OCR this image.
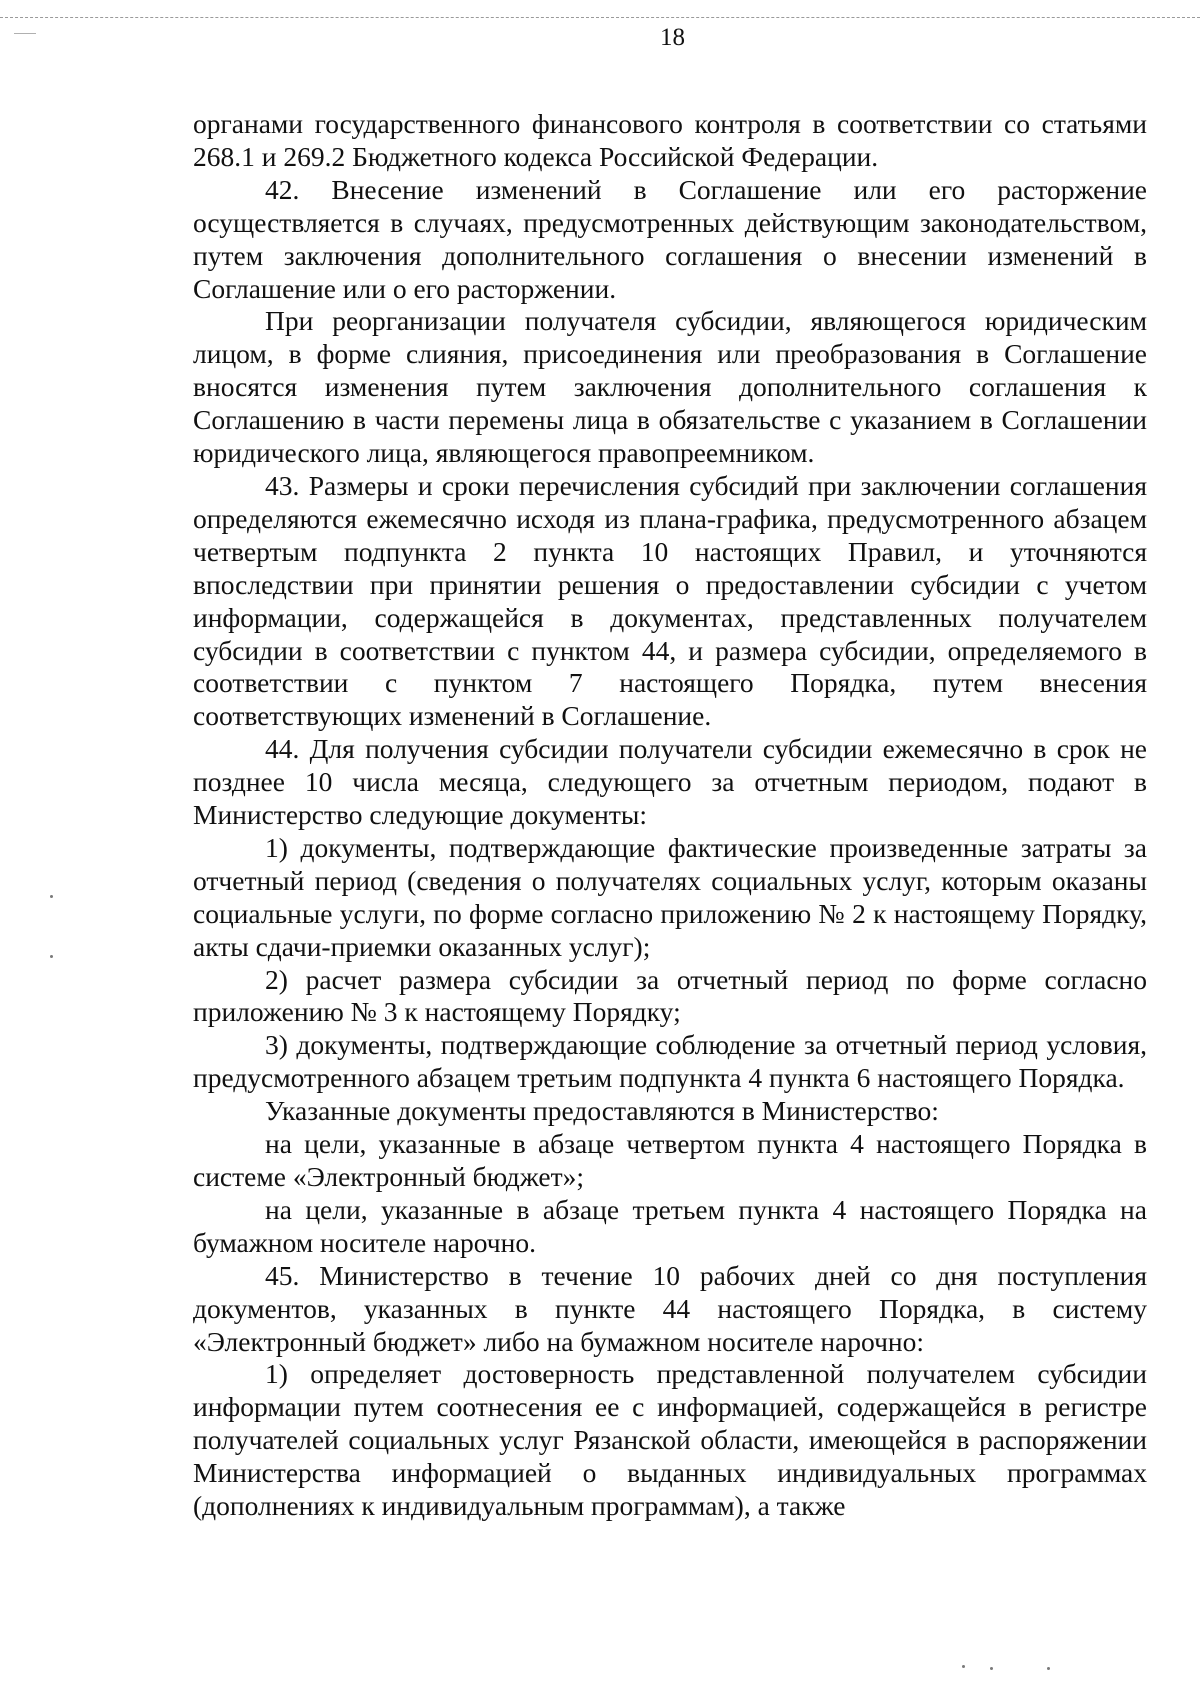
18

органами государственного финансового контроля в соответствии со статьями 268.1 и 269.2 Бюджетного кодекса Российской Федерации.

42. Внесение изменений в Соглашение или его расторжение осуществляется в случаях, предусмотренных действующим законодательством, путем заключения дополнительного соглашения о внесении изменений в Соглашение или о его расторжении.

При реорганизации получателя субсидии, являющегося юридическим лицом, в форме слияния, присоединения или преобразования в Соглашение вносятся изменения путем заключения дополнительного соглашения к Соглашению в части перемены лица в обязательстве с указанием в Соглашении юридического лица, являющегося правопреемником.

43. Размеры и сроки перечисления субсидий при заключении соглашения определяются ежемесячно исходя из плана-графика, предусмотренного абзацем четвертым подпункта 2 пункта 10 настоящих Правил, и уточняются впоследствии при принятии решения о предоставлении субсидии с учетом информации, содержащейся в документах, представленных получателем субсидии в соответствии с пунктом 44, и размера субсидии, определяемого в соответствии с пунктом 7 настоящего Порядка, путем внесения соответствующих изменений в Соглашение.

44. Для получения субсидии получатели субсидии ежемесячно в срок не позднее 10 числа месяца, следующего за отчетным периодом, подают в Министерство следующие документы:

1) документы, подтверждающие фактические произведенные затраты за отчетный период (сведения о получателях социальных услуг, которым оказаны социальные услуги, по форме согласно приложению № 2 к настоящему Порядку, акты сдачи-приемки оказанных услуг);

2) расчет размера субсидии за отчетный период по форме согласно приложению № 3 к настоящему Порядку;

3) документы, подтверждающие соблюдение за отчетный период условия, предусмотренного абзацем третьим подпункта 4 пункта 6 настоящего Порядка.

Указанные документы предоставляются в Министерство:

на цели, указанные в абзаце четвертом пункта 4 настоящего Порядка в системе «Электронный бюджет»;

на цели, указанные в абзаце третьем пункта 4 настоящего Порядка на бумажном носителе нарочно.

45. Министерство в течение 10 рабочих дней со дня поступления документов, указанных в пункте 44 настоящего Порядка, в систему «Электронный бюджет» либо на бумажном носителе нарочно:

1) определяет достоверность представленной получателем субсидии информации путем соотнесения ее с информацией, содержащейся в регистре получателей социальных услуг Рязанской области, имеющейся в распоряжении Министерства информацией о выданных индивидуальных программах (дополнениях к индивидуальным программам), а также
